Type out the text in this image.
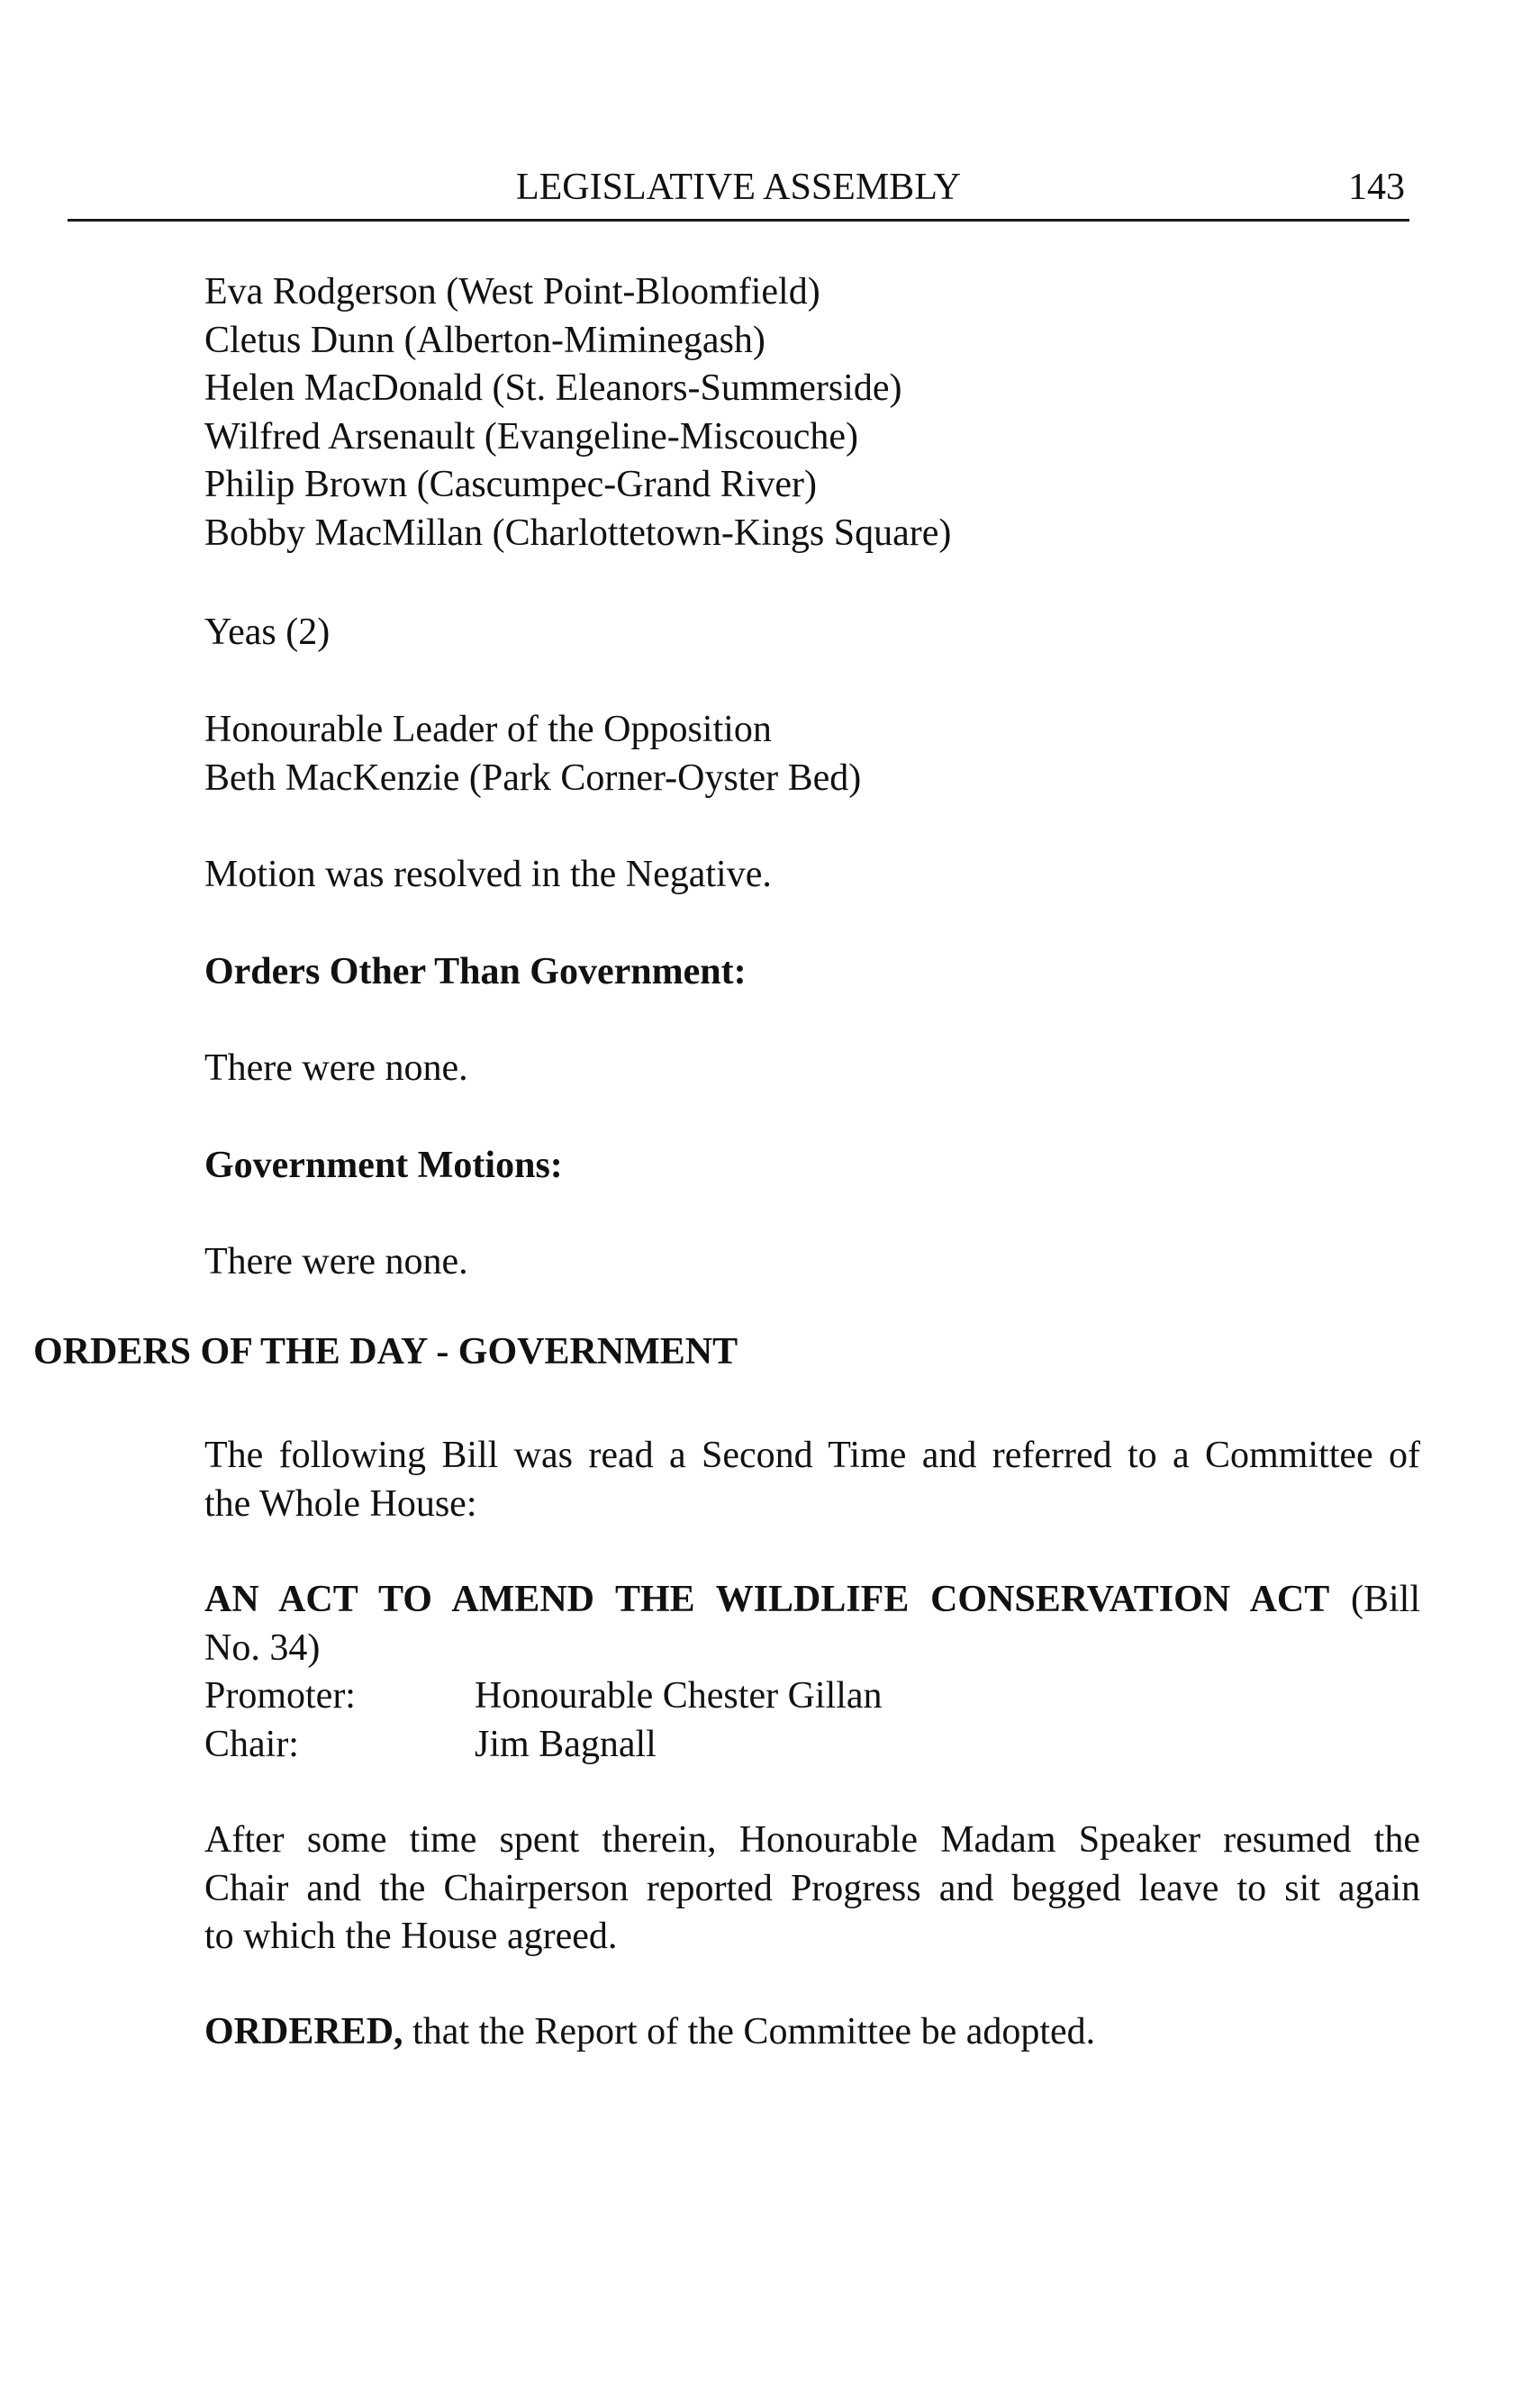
LEGISLATIVE ASSEMBLY	143
Eva Rodgerson (West Point-Bloomfield)
Cletus Dunn (Alberton-Miminegash)
Helen MacDonald (St. Eleanors-Summerside)
Wilfred Arsenault (Evangeline-Miscouche)
Philip Brown (Cascumpec-Grand River)
Bobby MacMillan (Charlottetown-Kings Square)
Yeas (2)
Honourable Leader of the Opposition
Beth MacKenzie (Park Corner-Oyster Bed)
Motion was resolved in the Negative.
Orders Other Than Government:
There were none.
Government Motions:
There were none.
ORDERS OF THE DAY - GOVERNMENT
The following Bill was read a Second Time and referred to a Committee of
the Whole House:
AN ACT TO AMEND THE WILDLIFE CONSERVATION ACT (Bill
No. 34)
Promoter:	Honourable Chester Gillan
Chair:	Jim Bagnall
After some time spent therein, Honourable Madam Speaker resumed the
Chair and the Chairperson reported Progress and begged leave to sit again
to which the House agreed.
ORDERED, that the Report of the Committee be adopted.
